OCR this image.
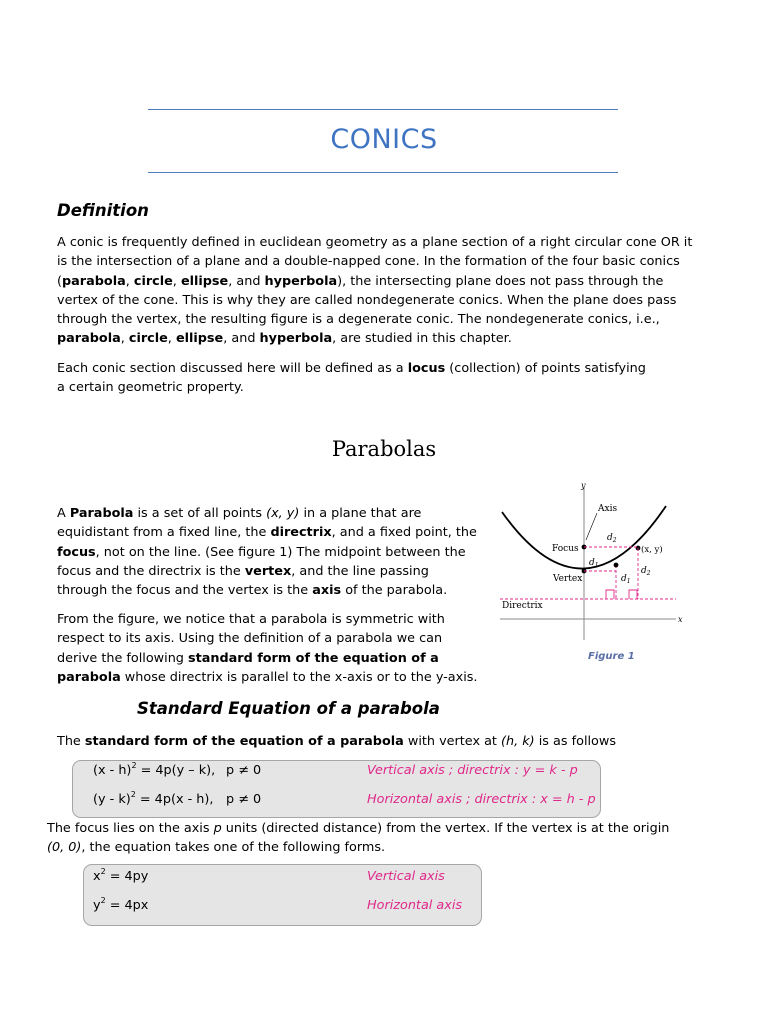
CONICS
Definition

A conic is frequently defined in euclidean geometry as a plane section of a right circular cone OR it is the intersection of a plane and a double-napped cone. In the formation of the four basic conics (parabola, circle, ellipse, and hyperbola), the intersecting plane does not pass through the vertex of the cone. This is why they are called nondegenerate conics. When the plane does pass through the vertex, the resulting figure is a degenerate conic. The nondegenerate conics, i.e., parabola, circle, ellipse, and hyperbola, are studied in this chapter.

Each conic section discussed here will be defined as a locus (collection) of points satisfying a certain geometric property.

Parabolas

A Parabola is a set of all points (x, y) in a plane that are equidistant from a fixed line, the directrix, and a fixed point, the focus, not on the line. (See figure 1) The midpoint between the focus and the directrix is the vertex, and the line passing through the focus and the vertex is the axis of the parabola.

From the figure, we notice that a parabola is symmetric with respect to its axis. Using the definition of a parabola we can derive the following standard form of the equation of a parabola whose directrix is parallel to the x-axis or to the y-axis.

y
x
Directrix
Axis
Focus
Vertex
(x, y)
$d_2$
$d_2$
$d_1$
$d_1$
Figure 1
Standard Equation of a parabola

The standard form of the equation of a parabola with vertex at (h, k) is as follows

(x - h)$^2$ = 4p(y – k), p ≠ 0	Vertical axis ; directrix : y = k - p
(y - k)$^2$ = 4p(x - h), p ≠ 0	Horizontal axis ; directrix : x = h - p

The focus lies on the axis p units (directed distance) from the vertex. If the vertex is at the origin (0, 0), the equation takes one of the following forms.

$x^2 = 4py$	Vertical axis
$y^2 = 4px$	Horizontal axis
